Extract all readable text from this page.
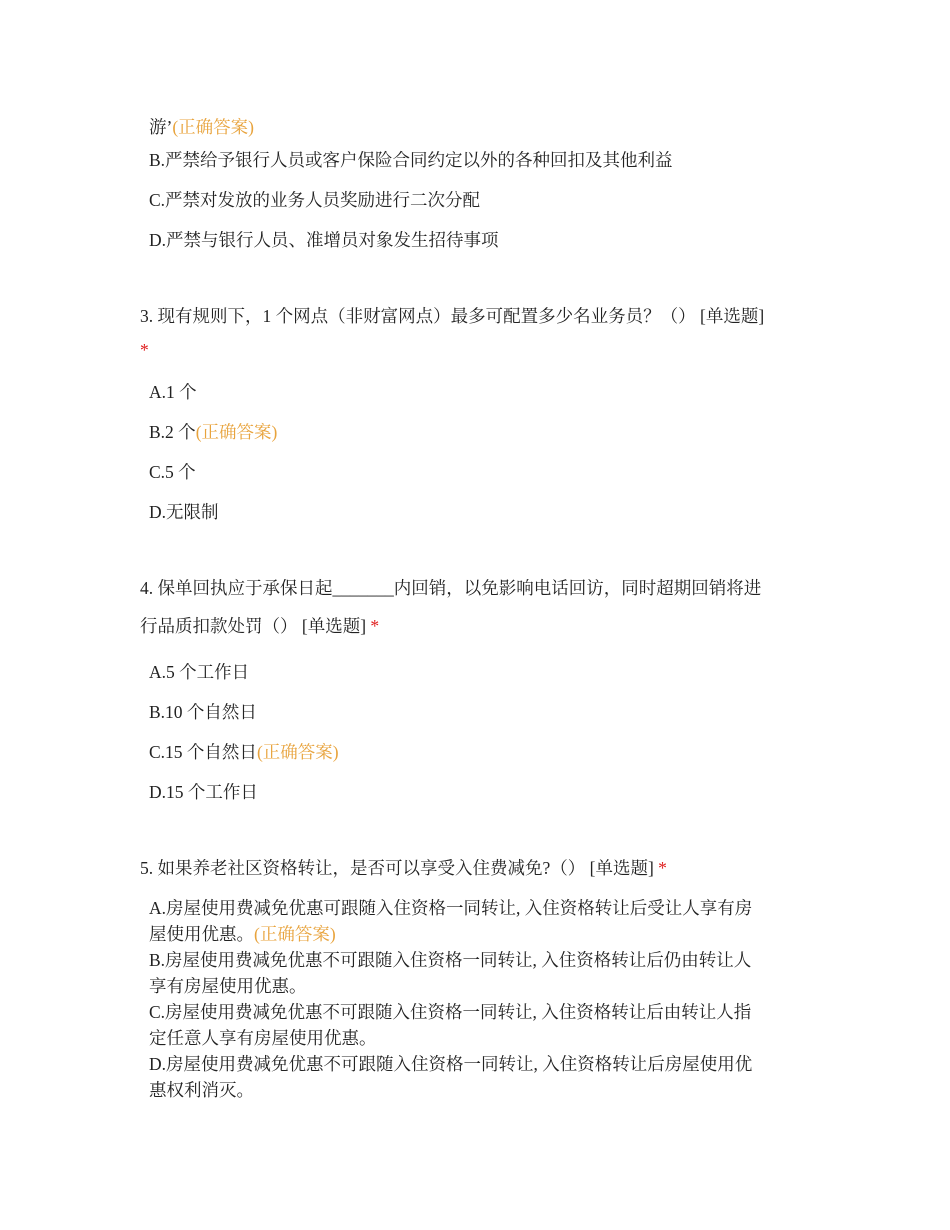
游’(正确答案)
B.严禁给予银行人员或客户保险合同约定以外的各种回扣及其他利益
C.严禁对发放的业务人员奖励进行二次分配
D.严禁与银行人员、准增员对象发生招待事项
3. 现有规则下，1 个网点（非财富网点）最多可配置多少名业务员？（） [单选题]
*
A.1 个
B.2 个(正确答案)
C.5 个
D.无限制
4. 保单回执应于承保日起_______内回销，以免影响电话回访，同时超期回销将进
行品质扣款处罚（） [单选题] *
A.5 个工作日
B.10 个自然日
C.15 个自然日(正确答案)
D.15 个工作日
5. 如果养老社区资格转让，是否可以享受入住费减免?（） [单选题] *
A.房屋使用费减免优惠可跟随入住资格一同转让, 入住资格转让后受让人享有房
屋使用优惠。(正确答案)
B.房屋使用费减免优惠不可跟随入住资格一同转让, 入住资格转让后仍由转让人
享有房屋使用优惠。
C.房屋使用费减免优惠不可跟随入住资格一同转让, 入住资格转让后由转让人指
定任意人享有房屋使用优惠。
D.房屋使用费减免优惠不可跟随入住资格一同转让, 入住资格转让后房屋使用优
惠权利消灭。
